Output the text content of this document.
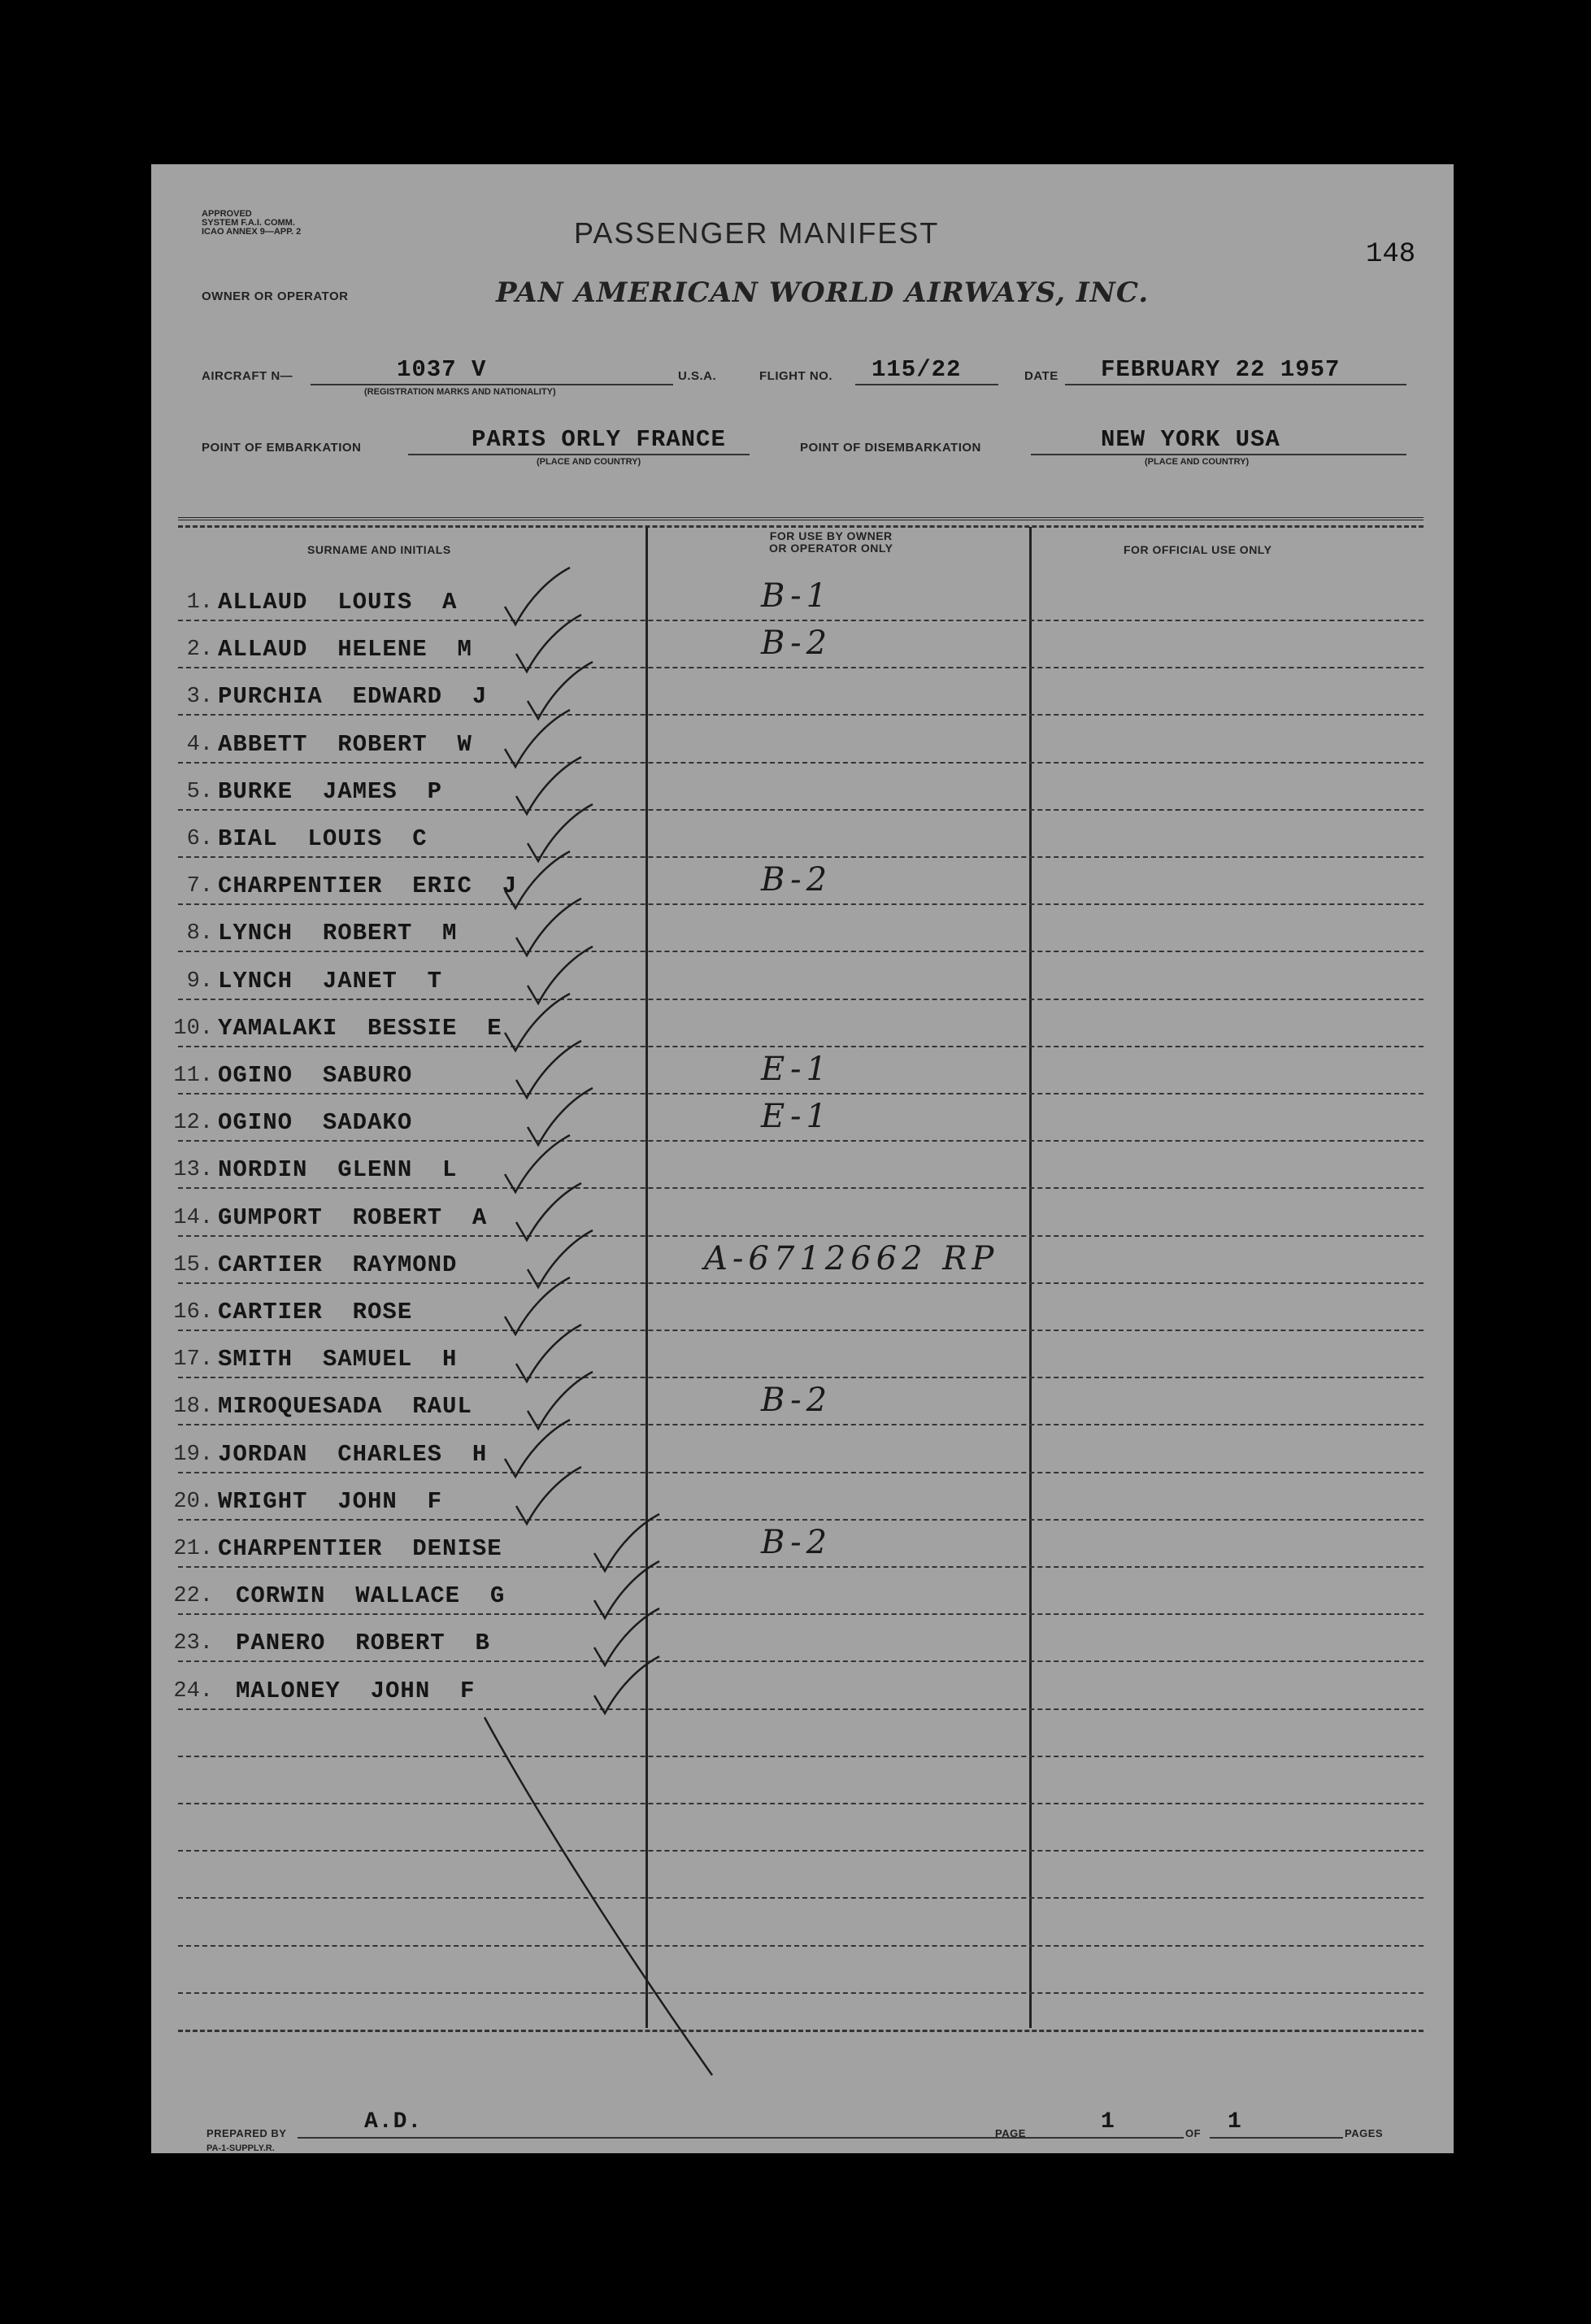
APPROVED
SYSTEM F.A.I. COMM.
ICAO ANNEX 9—APP. 2	PASSENGER MANIFEST
148
OWNER OR OPERATOR	PAN AMERICAN WORLD AIRWAYS, INC.
AIRCRAFT N—	1037 V
(REGISTRATION MARKS AND NATIONALITY)
U.S.A.	FLIGHT NO. 115/22	DATE FEBRUARY 22 1957
POINT OF EMBARKATION	PARIS ORLY FRANCE
(PLACE AND COUNTRY)
POINT OF DISEMBARKATION	NEW YORK USA
(PLACE AND COUNTRY)
SURNAME AND INITIALS
FOR USE BY OWNER
OR OPERATOR ONLY	FOR OFFICIAL USE ONLY
1. ALLAUD  LOUIS  A	B-1
2. ALLAUD  HELENE  M	B-2
3. PURCHIA  EDWARD  J
4. ABBETT  ROBERT  W
5. BURKE  JAMES  P
6. BIAL  LOUIS  C
7. CHARPENTIER  ERIC  J	B-2
8. LYNCH  ROBERT  M
9. LYNCH  JANET  T
10. YAMALAKI  BESSIE  E
11. OGINO  SABURO	E-1
12. OGINO  SADAKO	E-1
13. NORDIN  GLENN  L
14. GUMPORT  ROBERT  A
15. CARTIER  RAYMOND	A-6712662 RP
16. CARTIER  ROSE
17. SMITH  SAMUEL  H
18. MIROQUESADA  RAUL	B-2
19. JORDAN  CHARLES  H
20. WRIGHT  JOHN  F
21. CHARPENTIER  DENISE	B-2
22. CORWIN  WALLACE  G
23. PANERO  ROBERT  B
24. MALONEY  JOHN  F
PREPARED BY	A.D.
PA-1-SUPPLY.R.
PAGE	1	OF 1	PAGES
